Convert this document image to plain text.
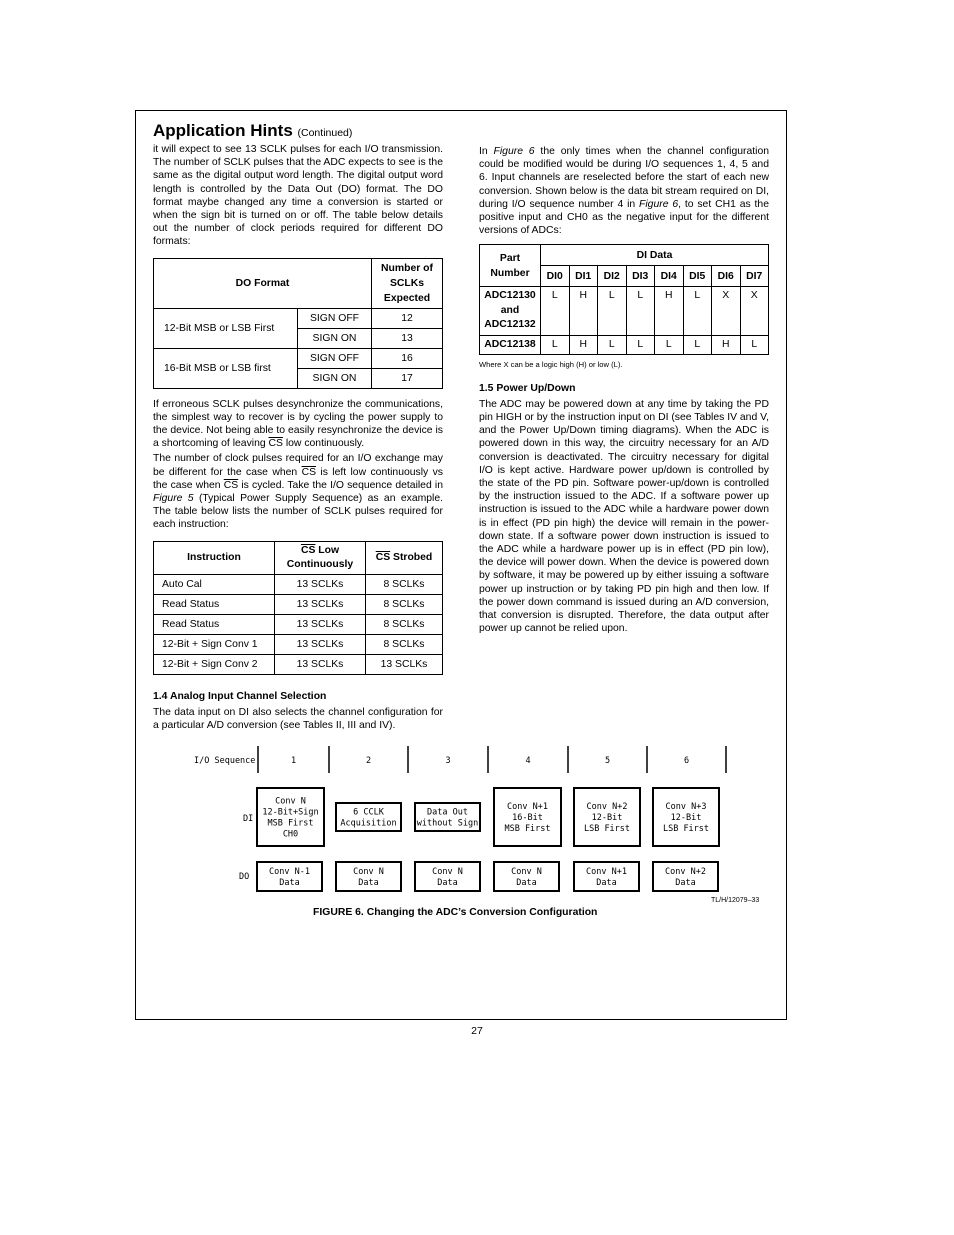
Application Hints (Continued)

it will expect to see 13 SCLK pulses for each I/O transmission. The number of SCLK pulses that the ADC expects to see is the same as the digital output word length. The digital output word length is controlled by the Data Out (DO) format. The DO format maybe changed any time a conversion is started or when the sign bit is turned on or off. The table below details out the number of clock periods required for different DO formats:

DO Format		Number of SCLKs Expected
12-Bit MSB or LSB First	SIGN OFF	12
	SIGN ON	13
16-Bit MSB or LSB first	SIGN OFF	16
	SIGN ON	17

If erroneous SCLK pulses desynchronize the communications, the simplest way to recover is by cycling the power supply to the device. Not being able to easily resynchronize the device is a shortcoming of leaving $\overline{CS}$ low continuously.

The number of clock pulses required for an I/O exchange may be different for the case when $\overline{CS}$ is left low continuously vs the case when $\overline{CS}$ is cycled. Take the I/O sequence detailed in Figure 5 (Typical Power Supply Sequence) as an example. The table below lists the number of SCLK pulses required for each instruction:

Instruction	$\overline{CS}$ Low Continuously	$\overline{CS}$ Strobed
Auto Cal	13 SCLKs	8 SCLKs
Read Status	13 SCLKs	8 SCLKs
Read Status	13 SCLKs	8 SCLKs
12-Bit + Sign Conv 1	13 SCLKs	8 SCLKs
12-Bit + Sign Conv 2	13 SCLKs	13 SCLKs

1.4 Analog Input Channel Selection

The data input on DI also selects the channel configuration for a particular A/D conversion (see Tables II, III and IV).

In Figure 6 the only times when the channel configuration could be modified would be during I/O sequences 1, 4, 5 and 6. Input channels are reselected before the start of each new conversion. Shown below is the data bit stream required on DI, during I/O sequence number 4 in Figure 6, to set CH1 as the positive input and CH0 as the negative input for the different versions of ADCs:

Part Number	DI Data							
	DI0	DI1	DI2	DI3	DI4	DI5	DI6	DI7
ADC12130 and ADC12132	L	H	L	L	H	L	X	X
ADC12138	L	H	L	L	L	L	H	L

Where X can be a logic high (H) or low (L).

1.5 Power Up/Down

The ADC may be powered down at any time by taking the PD pin HIGH or by the instruction input on DI (see Tables IV and V, and the Power Up/Down timing diagrams). When the ADC is powered down in this way, the circuitry necessary for an A/D conversion is deactivated. The circuitry necessary for digital I/O is kept active. Hardware power up/down is controlled by the state of the PD pin. Software power-up/down is controlled by the instruction issued to the ADC. If a software power up instruction is issued to the ADC while a hardware power down is in effect (PD pin high) the device will remain in the power-down state. If a software power down instruction is issued to the ADC while a hardware power up is in effect (PD pin low), the device will power down. When the device is powered down by software, it may be powered up by either issuing a software power up instruction or by taking PD pin high and then low. If the power down command is issued during an A/D conversion, that conversion is disrupted. Therefore, the data output after power up cannot be relied upon.

I/O Sequence	1	2	3	4	5	6
DI
DO
Conv N
12-Bit+Sign
MSB First
CH0
6 CCLK
Acquisition
Data Out
without Sign
Conv N+1
16-Bit
MSB First
Conv N+2
12-Bit
LSB First
Conv N+3
12-Bit
LSB First
Conv N-1
Data
Conv N
Data
Conv N
Data
Conv N
Data
Conv N+1
Data
Conv N+2
Data
TL/H/12079–33
FIGURE 6. Changing the ADC’s Conversion Configuration
27
